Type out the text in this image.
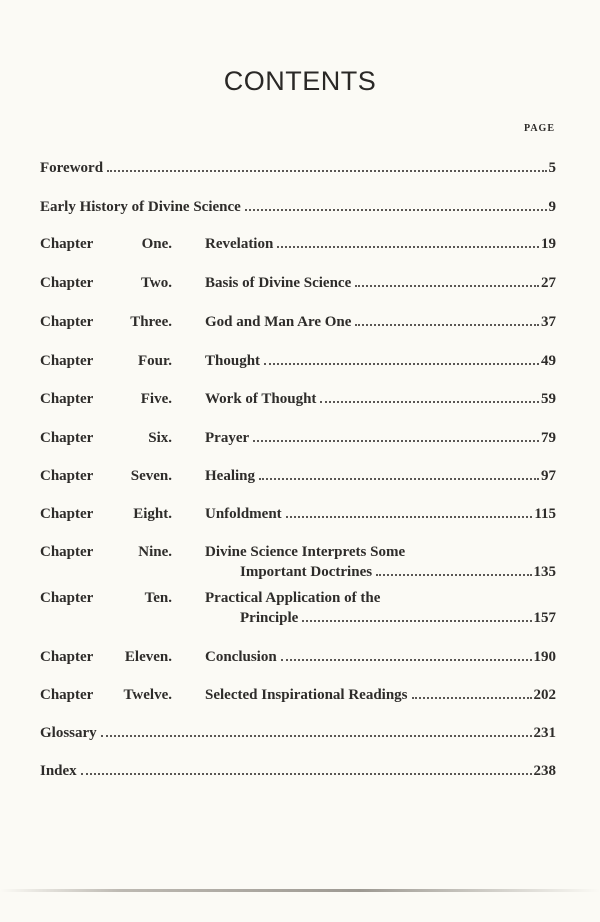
CONTENTS
PAGE
Foreword	5
Early History of Divine Science	9
Chapter	One. Revelation	19
Chapter	Two. Basis of Divine Science	27
Chapter	Three. God and Man Are One	37
Chapter	Four. Thought	49
Chapter	Five. Work of Thought	59
Chapter	Six. Prayer	79
Chapter	Seven. Healing	97
Chapter	Eight. Unfoldment	115
Chapter	Nine. Divine Science Interprets Some
Important Doctrines	135
Chapter	Ten. Practical Application of the
Principle	157
Chapter	Eleven. Conclusion	190
Chapter	Twelve. Selected Inspirational Readings	202
Glossary	231
Index	238
